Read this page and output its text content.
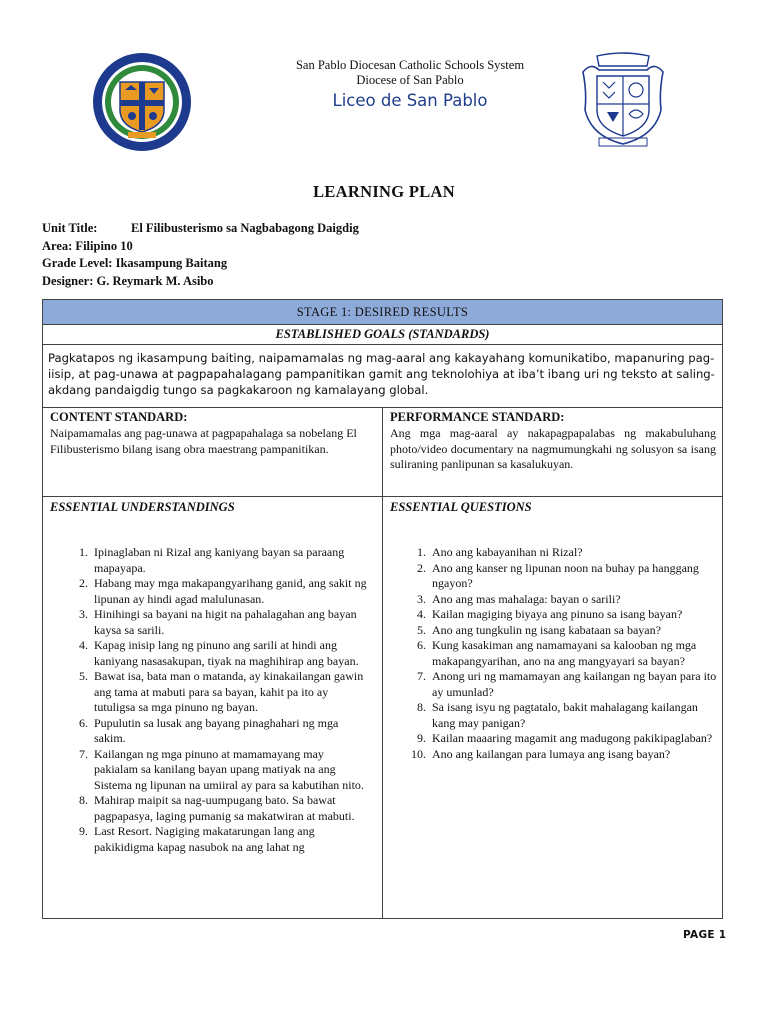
San Pablo Diocesan Catholic Schools System
Diocese of San Pablo
Liceo de San Pablo
LEARNING PLAN
Unit Title:	El Filibusterismo sa Nagbabagong Daigdig
Area: Filipino 10
Grade Level: Ikasampung Baitang
Designer: G. Reymark M. Asibo
STAGE 1: DESIRED RESULTS
ESTABLISHED GOALS (STANDARDS)
Pagkatapos ng ikasampung baiting, naipamamalas ng mag-aaral ang kakayahang komunikatibo, mapanuring pag-iisip, at pag-unawa at pagpapahalagang pampanitikan gamit ang teknolohiya at iba’t ibang uri ng teksto at saling-akdang pandaigdig tungo sa pagkakaroon ng kamalayang global.
CONTENT STANDARD:
Naipamamalas ang pag-unawa at pagpapahalaga sa nobelang El Filibusterismo bilang isang obra maestrang pampanitikan.
PERFORMANCE STANDARD:
Ang mga mag-aaral ay nakapagpapalabas ng makabuluhang photo/video documentary na nagmumungkahi ng solusyon sa isang suliraning panlipunan sa kasalukuyan.
ESSENTIAL UNDERSTANDINGS	ESSENTIAL QUESTIONS
1. Ipinaglaban ni Rizal ang kaniyang bayan sa paraang mapayapa.
2. Habang may mga makapangyarihang ganid, ang sakit ng lipunan ay hindi agad malulunasan.
3. Hinihingi sa bayani na higit na pahalagahan ang bayan kaysa sa sarili.
4. Kapag inisip lang ng pinuno ang sarili at hindi ang kaniyang nasasakupan, tiyak na maghihirap ang bayan.
5. Bawat isa, bata man o matanda, ay kinakailangan gawin ang tama at mabuti para sa bayan, kahit pa ito ay tutuligsa sa mga pinuno ng bayan.
6. Pupulutin sa lusak ang bayang pinaghahari ng mga sakim.
7. Kailangan ng mga pinuno at mamamayang may pakialam sa kanilang bayan upang matiyak na ang Sistema ng lipunan na umiiral ay para sa kabutihan nito.
8. Mahirap maipit sa nag-uumpugang bato. Sa bawat pagpapasya, laging pumanig sa makatwiran at mabuti.
9. Last Resort. Nagiging makatarungan lang ang pakikidigma kapag nasubok na ang lahat ng
1. Ano ang kabayanihan ni Rizal?
2. Ano ang kanser ng lipunan noon na buhay pa hanggang ngayon?
3. Ano ang mas mahalaga: bayan o sarili?
4. Kailan magiging biyaya ang pinuno sa isang bayan?
5. Ano ang tungkulin ng isang kabataan sa bayan?
6. Kung kasakiman ang namamayani sa kalooban ng mga makapangyarihan, ano na ang mangyayari sa bayan?
7. Anong uri ng mamamayan ang kailangan ng bayan para ito ay umunlad?
8. Sa isang isyu ng pagtatalo, bakit mahalagang kailangan kang may panigan?
9. Kailan maaaring magamit ang madugong pakikipaglaban?
10. Ano ang kailangan para lumaya ang isang bayan?
PAGE 1
